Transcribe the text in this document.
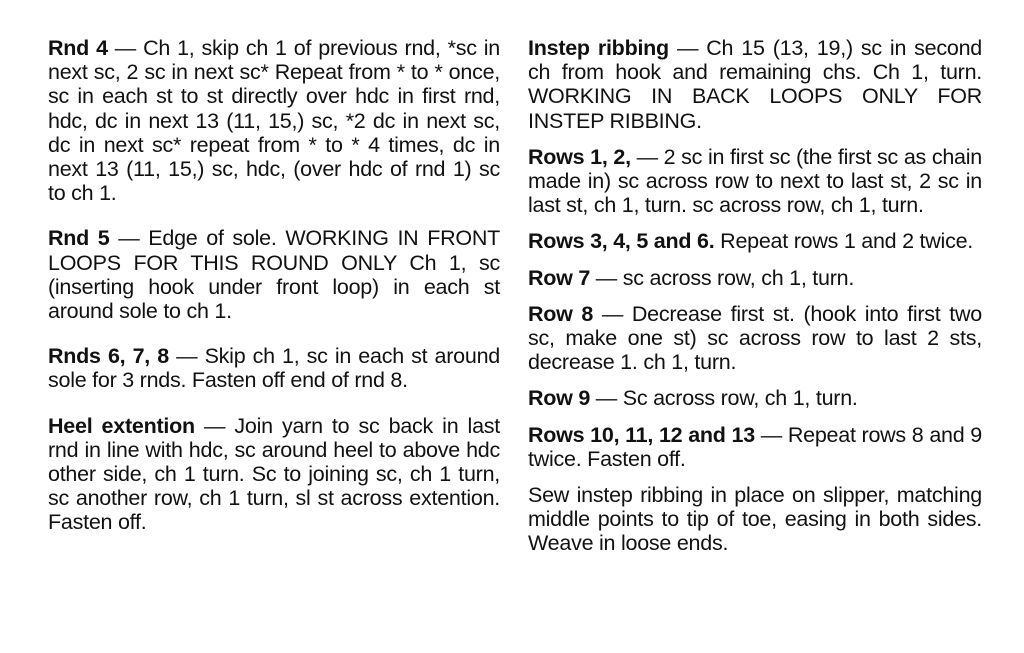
Rnd 4 — Ch 1, skip ch 1 of previous rnd, *sc in next sc, 2 sc in next sc* Repeat from * to * once, sc in each st to st directly over hdc in first rnd, hdc, dc in next 13 (11, 15,) sc, *2 dc in next sc, dc in next sc* repeat from * to * 4 times, dc in next 13 (11, 15,) sc, hdc, (over hdc of rnd 1) sc to ch 1.

Rnd 5 — Edge of sole. WORKING IN FRONT LOOPS FOR THIS ROUND ONLY Ch 1, sc (inserting hook under front loop) in each st around sole to ch 1.

Rnds 6, 7, 8 — Skip ch 1, sc in each st around sole for 3 rnds. Fasten off end of rnd 8.

Heel extention — Join yarn to sc back in last rnd in line with hdc, sc around heel to above hdc other side, ch 1 turn. Sc to joining sc, ch 1 turn, sc another row, ch 1 turn, sl st across extention. Fasten off.

Instep ribbing — Ch 15 (13, 19,) sc in second ch from hook and remaining chs. Ch 1, turn. WORKING IN BACK LOOPS ONLY FOR INSTEP RIBBING.

Rows 1, 2, — 2 sc in first sc (the first sc as chain made in) sc across row to next to last st, 2 sc in last st, ch 1, turn. sc across row, ch 1, turn.

Rows 3, 4, 5 and 6. Repeat rows 1 and 2 twice.

Row 7 — sc across row, ch 1, turn.

Row 8 — Decrease first st. (hook into first two sc, make one st) sc across row to last 2 sts, decrease 1. ch 1, turn.

Row 9 — Sc across row, ch 1, turn.

Rows 10, 11, 12 and 13 — Repeat rows 8 and 9 twice. Fasten off.

Sew instep ribbing in place on slipper, matching middle points to tip of toe, easing in both sides. Weave in loose ends.
